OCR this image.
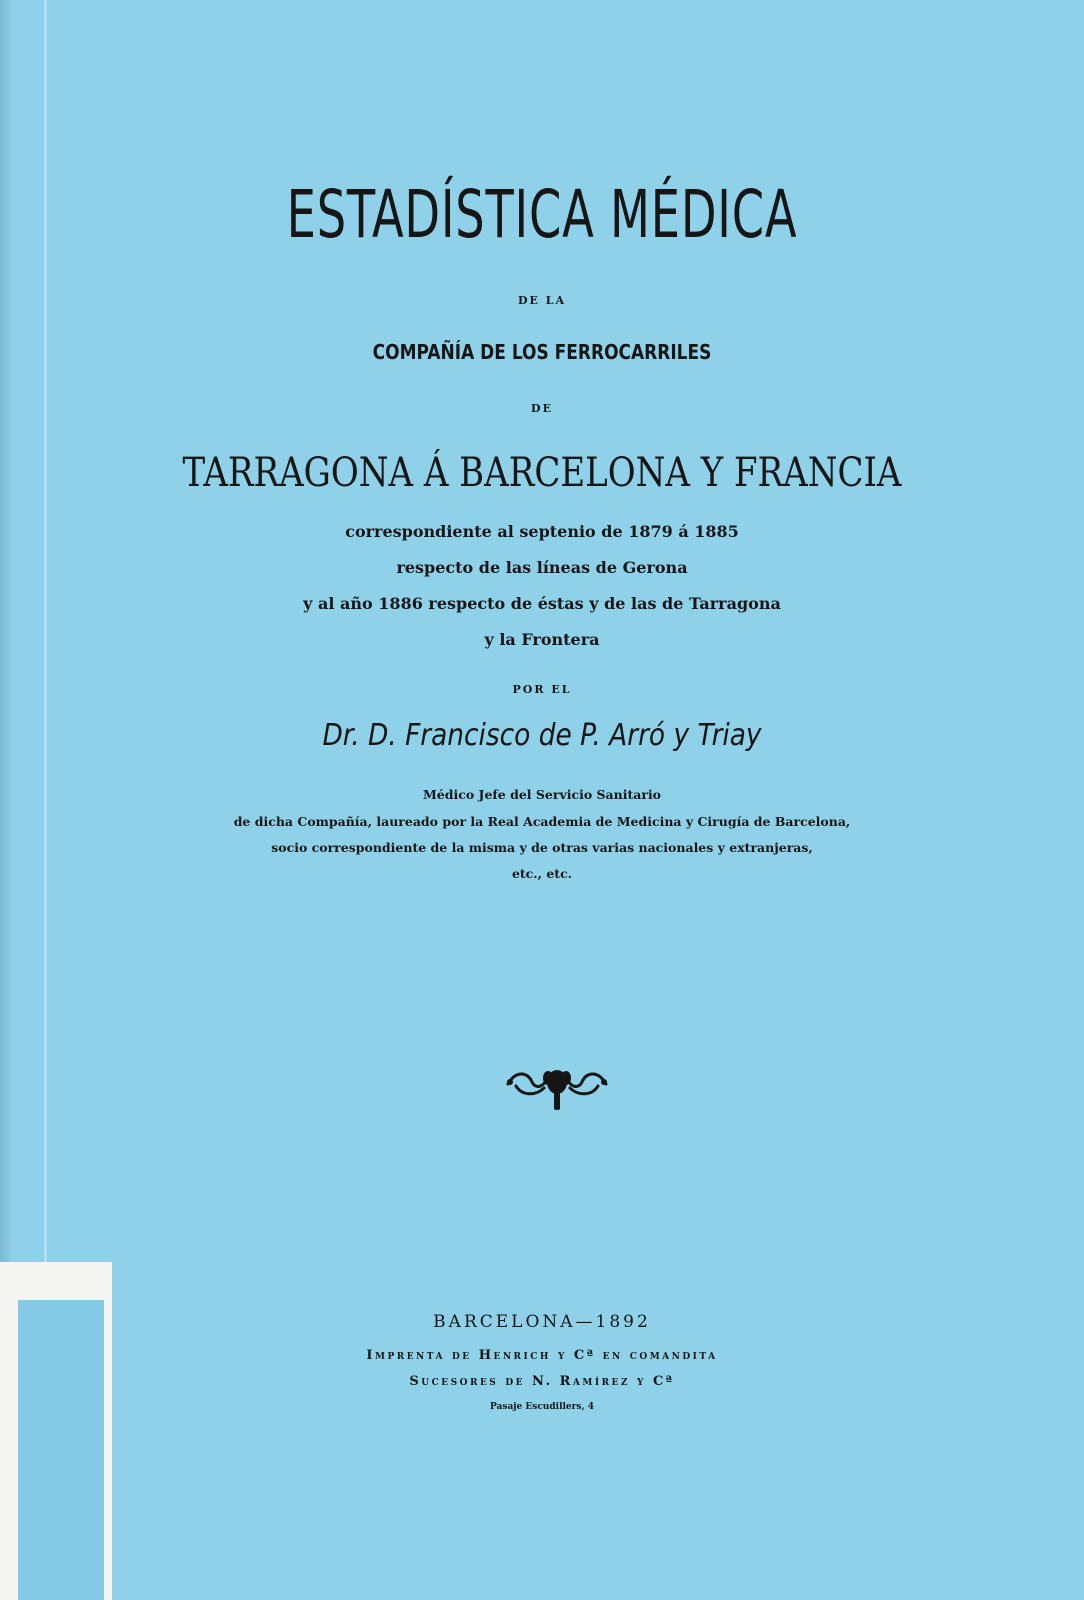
ESTADÍSTICA MÉDICA
DE LA
COMPAÑÍA DE LOS FERROCARRILES
DE
TARRAGONA Á BARCELONA Y FRANCIA
correspondiente al septenio de 1879 á 1885
respecto de las líneas de Gerona
y al año 1886 respecto de éstas y de las de Tarragona
y la Frontera
POR EL
Dr. D. Francisco de P. Arró y Triay
Médico Jefe del Servicio Sanitario
de dicha Compañía, laureado por la Real Academia de Medicina y Cirugía de Barcelona,
socio correspondiente de la misma y de otras varias nacionales y extranjeras,
etc., etc.
BARCELONA—1892
Imprenta de Henrich y Cª en comandita
Sucesores de N. Ramírez y Cª
Pasaje Escudillers, 4
